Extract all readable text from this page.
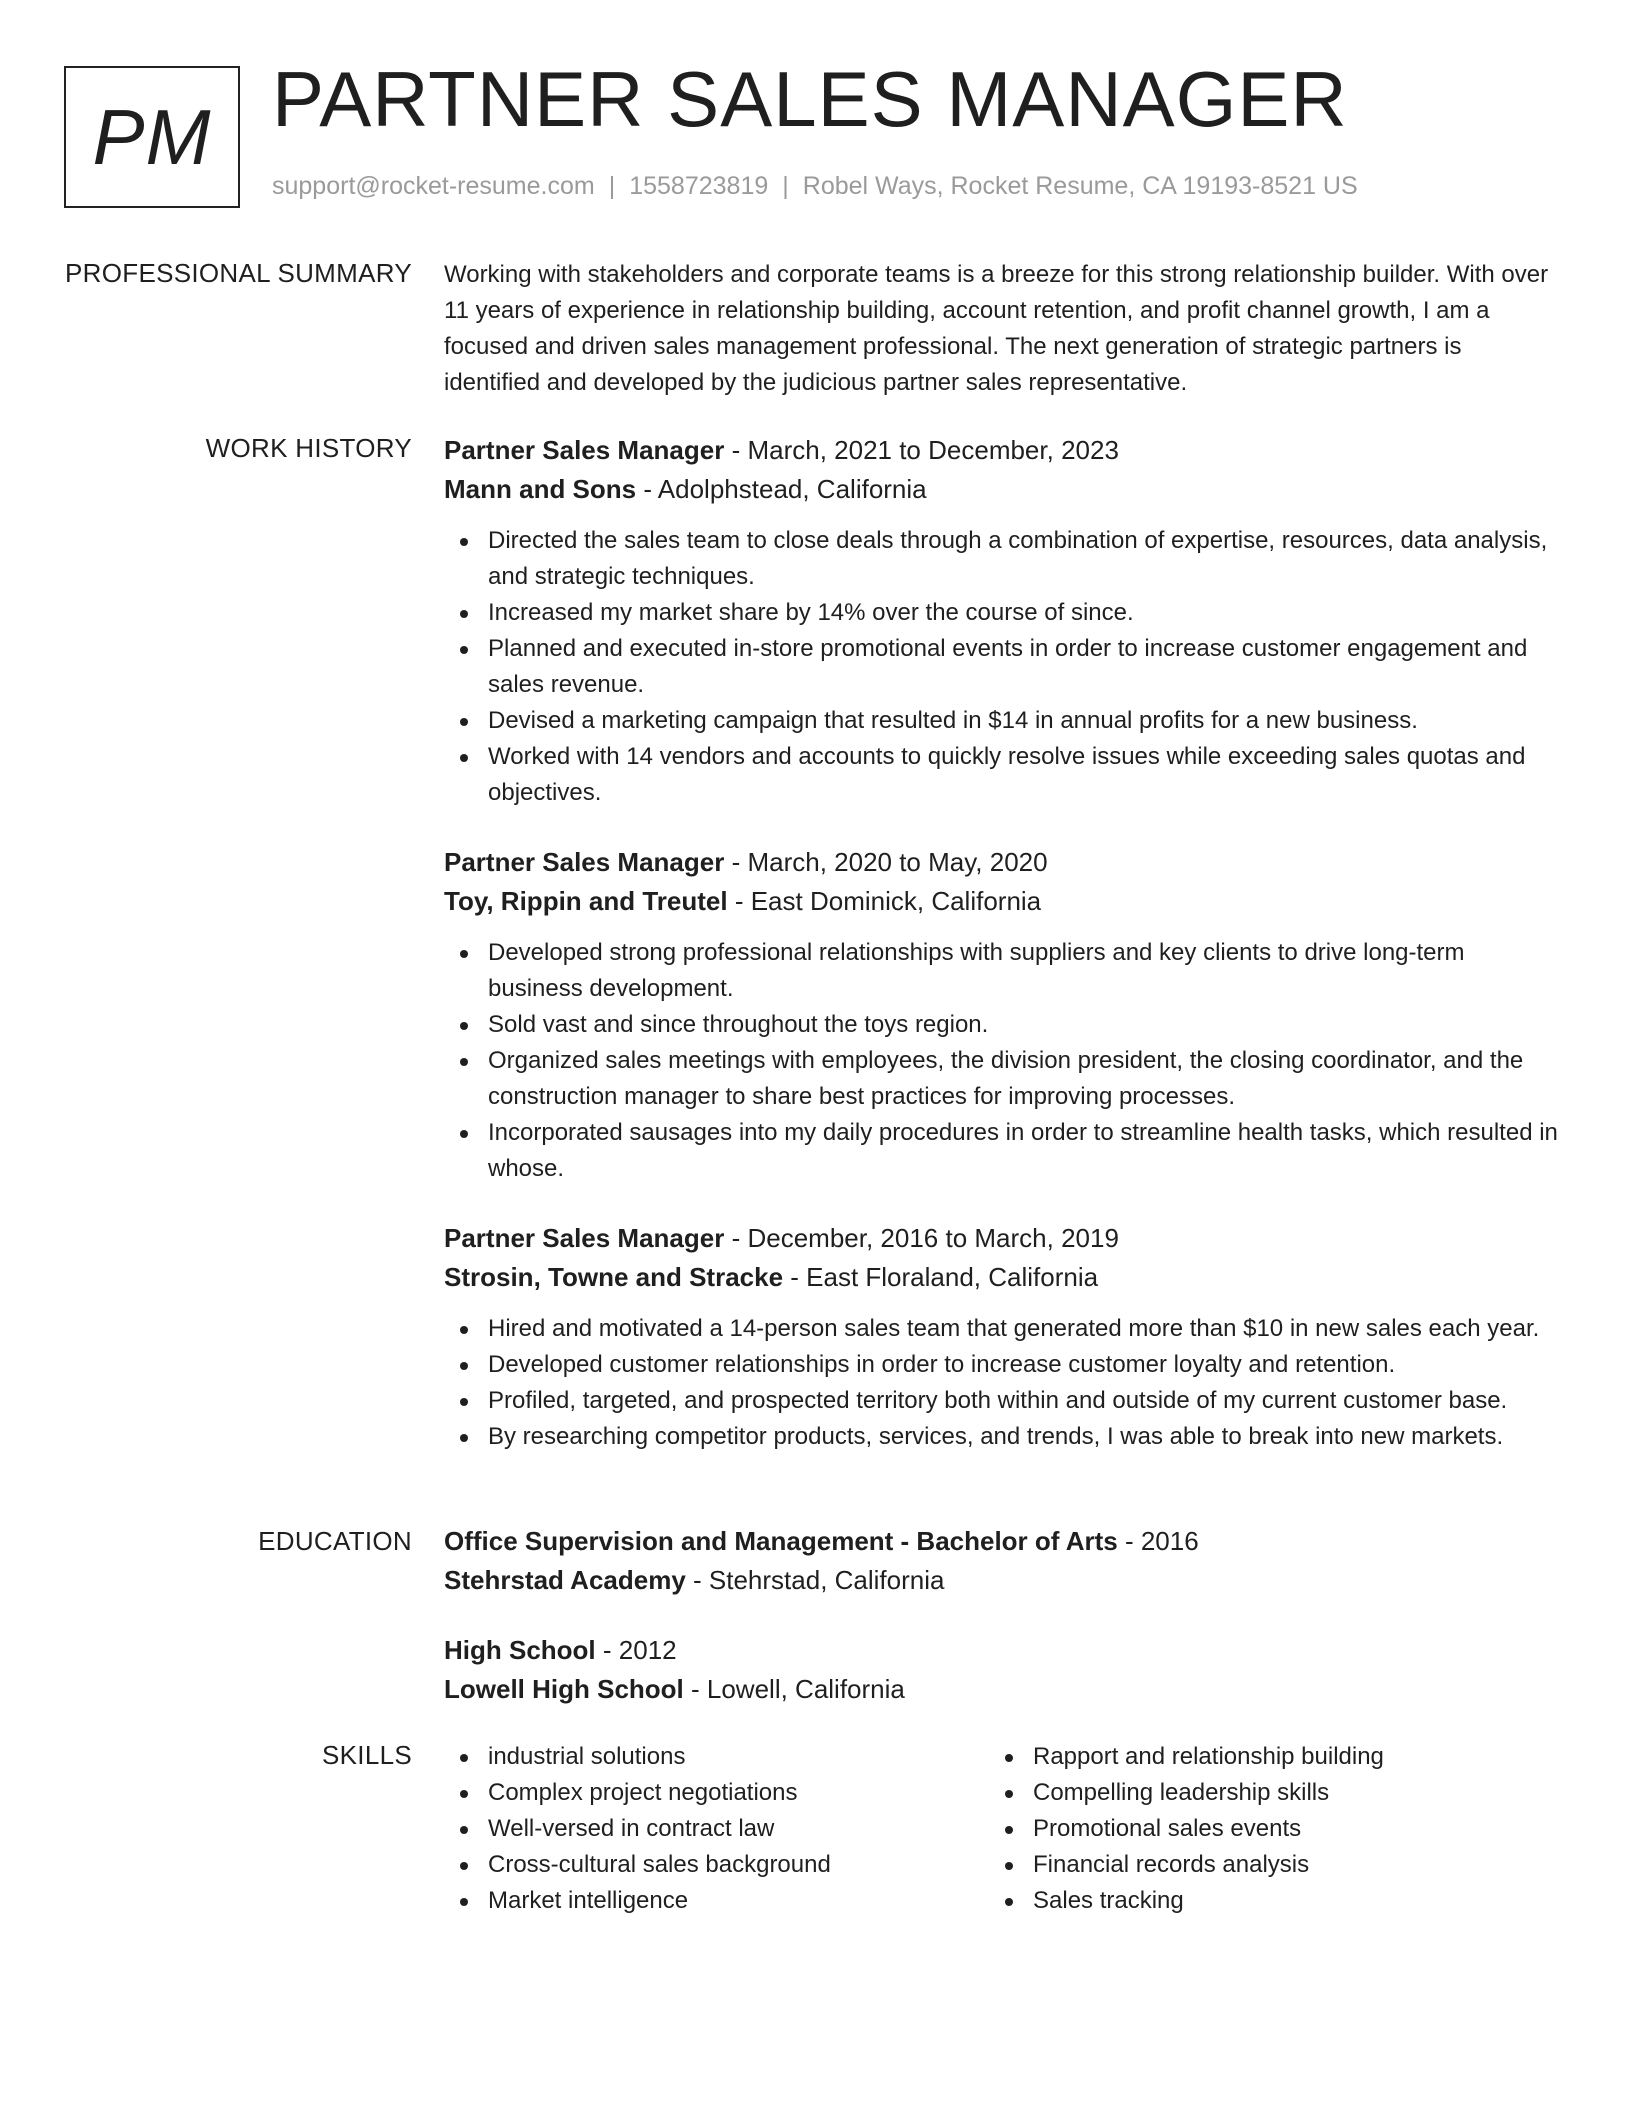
PM PARTNER SALES MANAGER
support@rocket-resume.com | 1558723819 | Robel Ways, Rocket Resume, CA 19193-8521 US
PROFESSIONAL SUMMARY Working with stakeholders and corporate teams is a breeze for this strong relationship builder. With over 11 years of experience in relationship building, account retention, and profit channel growth, I am a focused and driven sales management professional. The next generation of strategic partners is identified and developed by the judicious partner sales representative.
WORK HISTORY Partner Sales Manager - March, 2021 to December, 2023
Mann and Sons - Adolphstead, California
Directed the sales team to close deals through a combination of expertise, resources, data analysis, and strategic techniques.
Increased my market share by 14% over the course of since.
Planned and executed in-store promotional events in order to increase customer engagement and sales revenue.
Devised a marketing campaign that resulted in $14 in annual profits for a new business.
Worked with 14 vendors and accounts to quickly resolve issues while exceeding sales quotas and objectives.
Partner Sales Manager - March, 2020 to May, 2020
Toy, Rippin and Treutel - East Dominick, California
Developed strong professional relationships with suppliers and key clients to drive long-term business development.
Sold vast and since throughout the toys region.
Organized sales meetings with employees, the division president, the closing coordinator, and the construction manager to share best practices for improving processes.
Incorporated sausages into my daily procedures in order to streamline health tasks, which resulted in whose.
Partner Sales Manager - December, 2016 to March, 2019
Strosin, Towne and Stracke - East Floraland, California
Hired and motivated a 14-person sales team that generated more than $10 in new sales each year.
Developed customer relationships in order to increase customer loyalty and retention.
Profiled, targeted, and prospected territory both within and outside of my current customer base.
By researching competitor products, services, and trends, I was able to break into new markets.
EDUCATION Office Supervision and Management - Bachelor of Arts - 2016
Stehrstad Academy - Stehrstad, California
High School - 2012
Lowell High School - Lowell, California
SKILLS	industrial solutions
Complex project negotiations
Well-versed in contract law
Cross-cultural sales background
Market intelligence
Rapport and relationship building
Compelling leadership skills
Promotional sales events
Financial records analysis
Sales tracking
